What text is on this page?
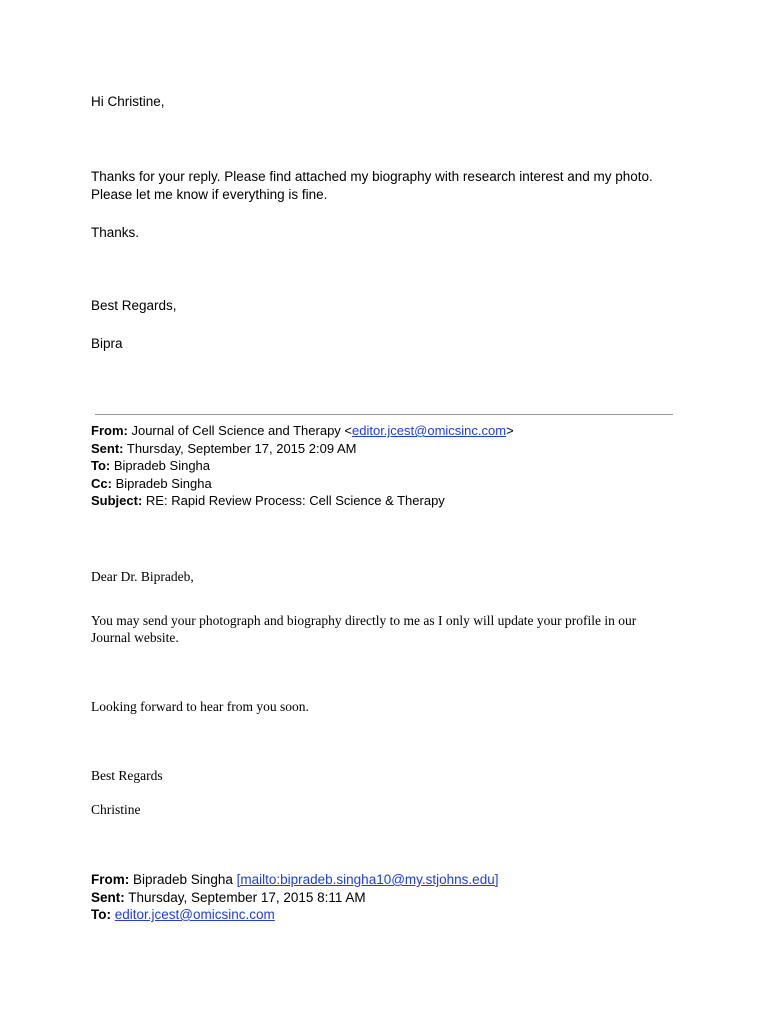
Hi Christine,
Thanks for your reply. Please find attached my biography with research interest and my photo.
Please let me know if everything is fine.
Thanks.
Best Regards,
Bipra
From: Journal of Cell Science and Therapy <editor.jcest@omicsinc.com>
Sent: Thursday, September 17, 2015 2:09 AM
To: Bipradeb Singha
Cc: Bipradeb Singha
Subject: RE: Rapid Review Process: Cell Science & Therapy
Dear Dr. Bipradeb,
You may send your photograph and biography directly to me as I only will update your profile in our
Journal website.
Looking forward to hear from you soon.
Best Regards
Christine
From: Bipradeb Singha [mailto:bipradeb.singha10@my.stjohns.edu]
Sent: Thursday, September 17, 2015 8:11 AM
To: editor.jcest@omicsinc.com
